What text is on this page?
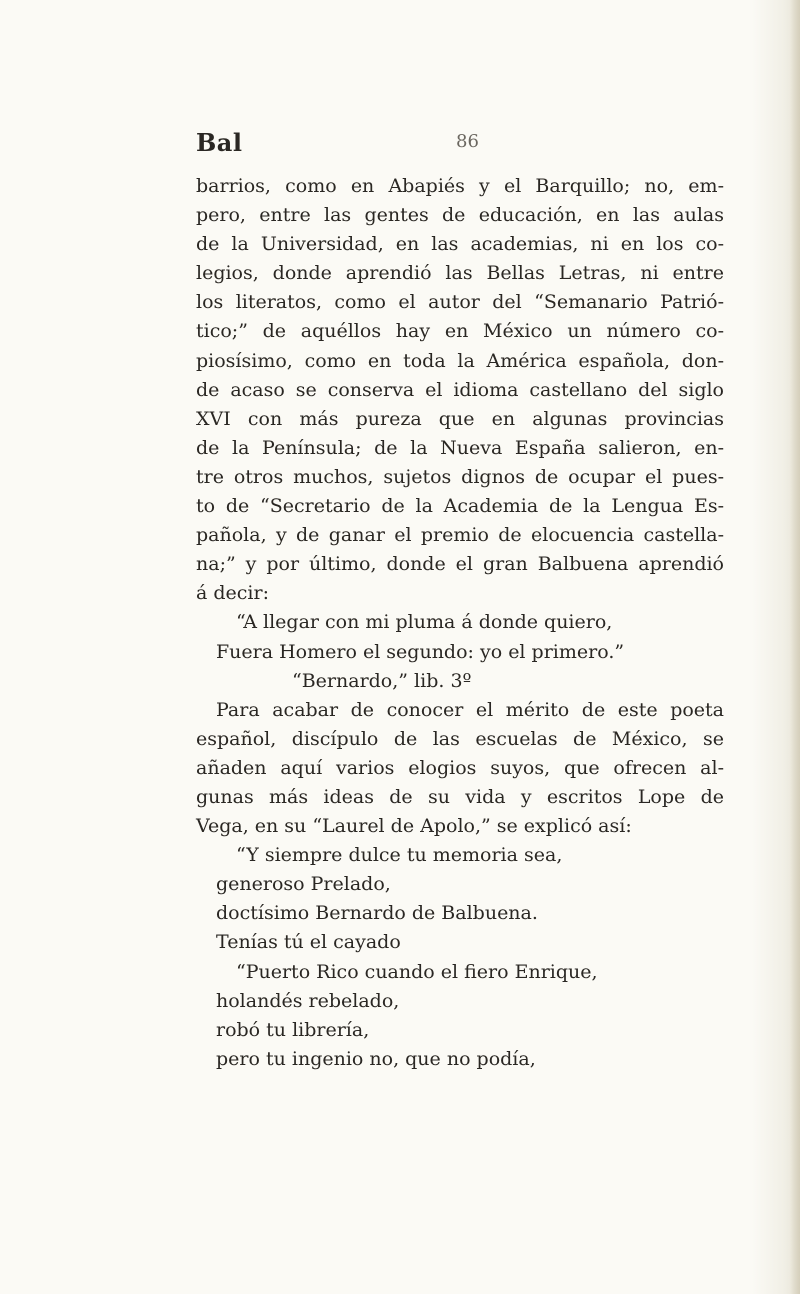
Bal	86
barrios, como en Abapiés y el Barquillo; no, em-
pero, entre las gentes de educación, en las aulas
de la Universidad, en las academias, ni en los co-
legios, donde aprendió las Bellas Letras, ni entre
los literatos, como el autor del “Semanario Patrió-
tico;” de aquéllos hay en México un número co-
piosísimo, como en toda la América española, don-
de acaso se conserva el idioma castellano del siglo
XVI con más pureza que en algunas provincias
de la Península; de la Nueva España salieron, en-
tre otros muchos, sujetos dignos de ocupar el pues-
to de “Secretario de la Academia de la Lengua Es-
pañola, y de ganar el premio de elocuencia castella-
na;” y por último, donde el gran Balbuena aprendió
á decir:
“A llegar con mi pluma á donde quiero,
Fuera Homero el segundo: yo el primero.”
“Bernardo,” lib. 3º
Para acabar de conocer el mérito de este poeta
español, discípulo de las escuelas de México, se
añaden aquí varios elogios suyos, que ofrecen al-
gunas más ideas de su vida y escritos Lope de
Vega, en su “Laurel de Apolo,” se explicó así:
“Y siempre dulce tu memoria sea,
generoso Prelado,
doctísimo Bernardo de Balbuena.
Tenías tú el cayado
“Puerto Rico cuando el fiero Enrique,
holandés rebelado,
robó tu librería,
pero tu ingenio no, que no podía,
